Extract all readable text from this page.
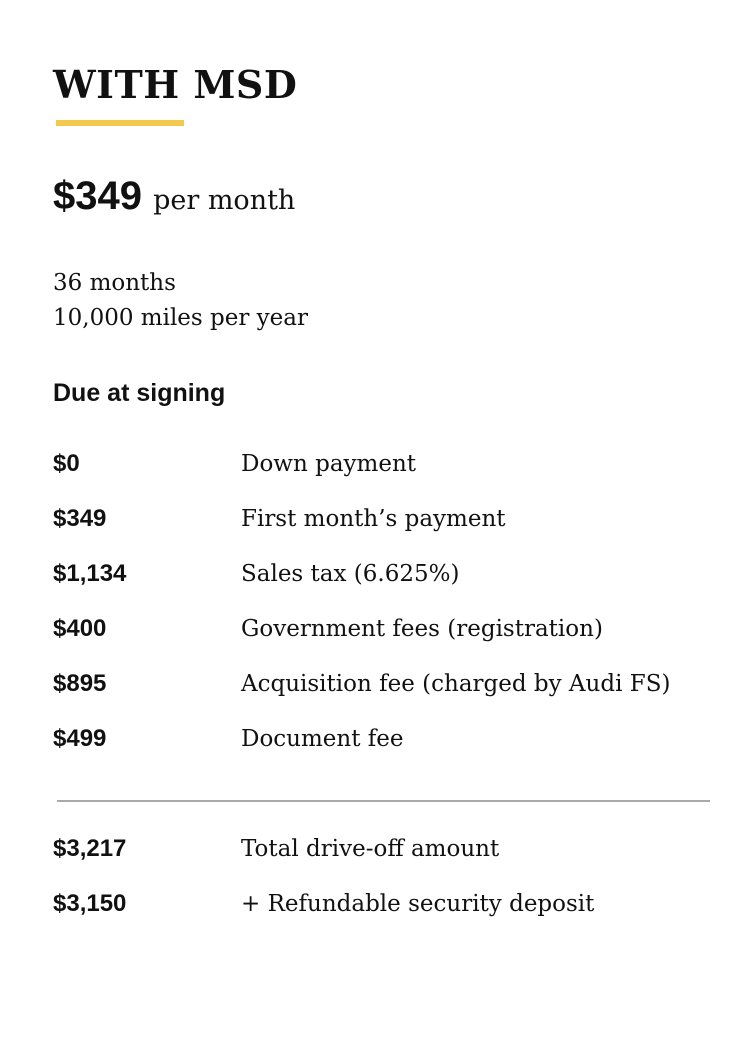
WITH MSD
$349 per month
36 months
10,000 miles per year
Due at signing
$0	Down payment
$349	First month’s payment
$1,134	Sales tax (6.625%)
$400	Government fees (registration)
$895	Acquisition fee (charged by Audi FS)
$499	Document fee
$3,217	Total drive-off amount
$3,150	+ Refundable security deposit
